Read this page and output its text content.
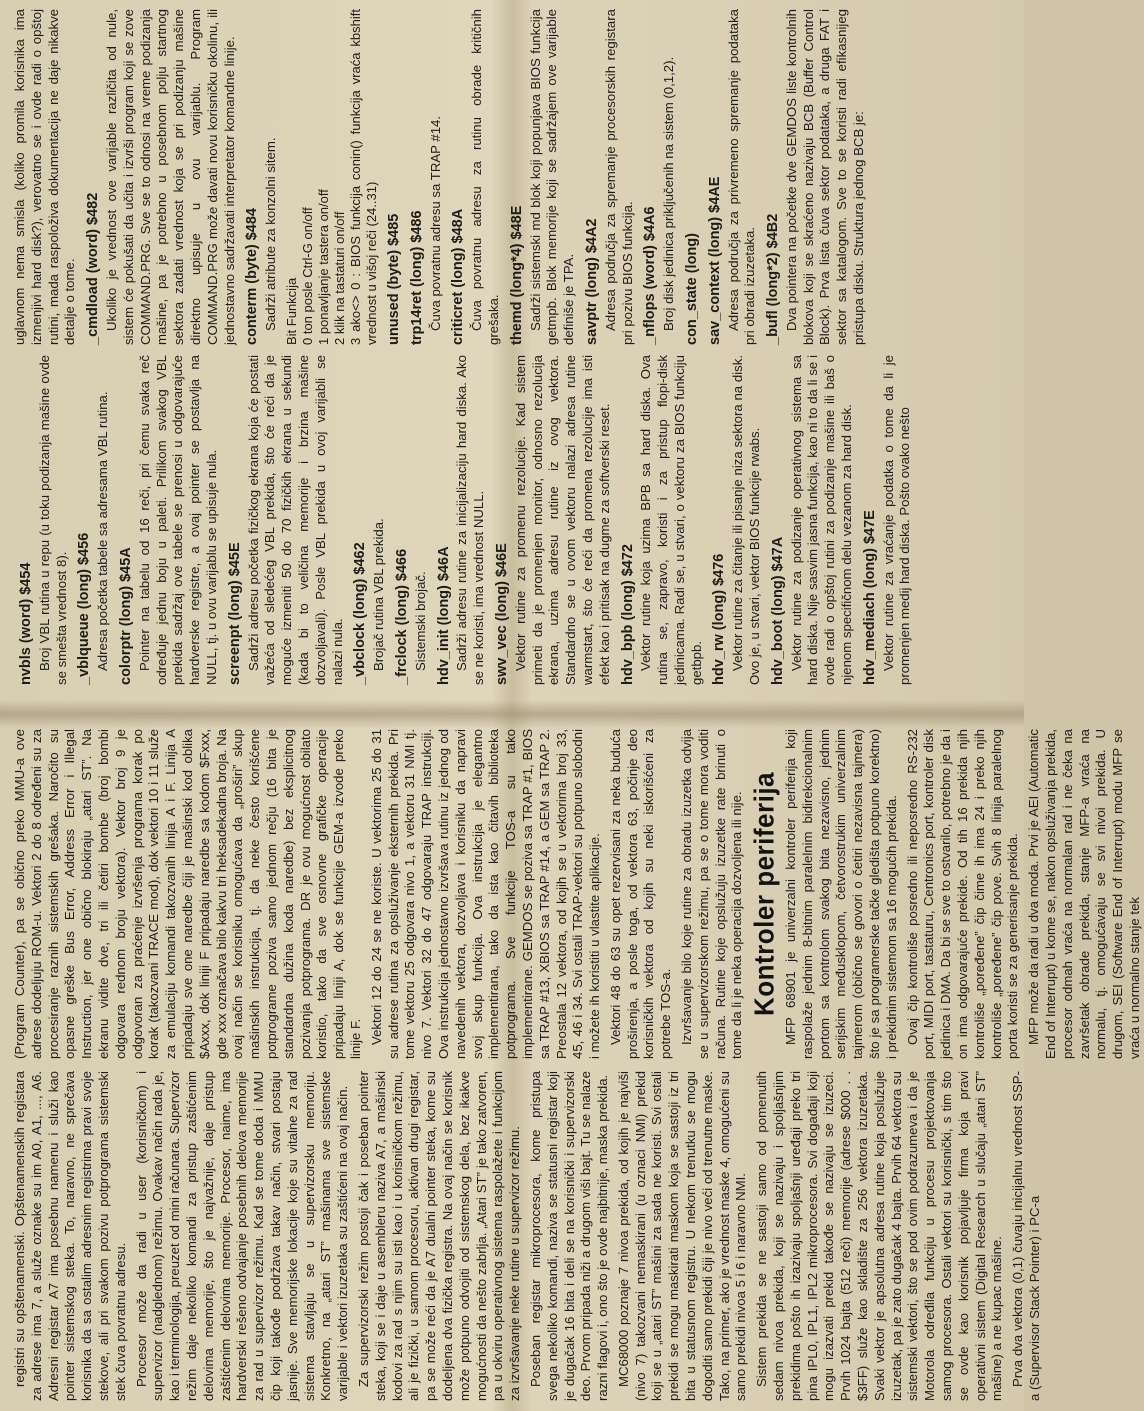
registri su opštenamenski. Opštenamenskih registara za adrese ima 7, a služe oznake su im A0, A1, ..., A6. Adresni registar A7 ima posebnu namenu i služi kao pointer sistemskog steka. To, naravno, ne sprečava korisnika da sa ostalim adresnim registrima pravi svoje stekove, ali pri svakom pozivu potprograma sistemski stek čuva povratnu adresu. Procesor može da radi u user (korisničkom) i supervizor (nadglednom) režimu. Ovakav način rada je, kao i terminologija, preuzet od mini računara. Supervizor režim daje nekoliko komandi za pristup zaštićenim delovima memorije, što je najvažnije, daje pristup zaštićenim delovima memorije. Procesor, naime, ima hardverski rešeno odvajanje posebnih delova memorije za rad u supervizor režimu. Kad se tome doda i MMU čip koji takođe podržava takav način, stvari postaju jasnije. Sve memorijske lokacije koje su vitalne za rad sistema stavljaju se u supervizorsku memoriju. Konkretno, na „atari ST” mašinama sve sistemske varijable i vektori izuzetaka su zaštićeni na ovaj način. Za supervizorski režim postoji čak i poseban pointer steka, koji se i daje u asembleru naziva A7, a mašinski kodovi za rad s njim su isti kao i u korisničkom režimu, ali je fizički, u samom procesoru, aktivan drugi registar, pa se može reći da je A7 dualni pointer steka, kome su dodeljena dva fizička registra. Na ovaj način se korisnik može potpuno odvojiti od sistemskog dela, bez ikakve mogućnosti da nešto zabrlja. „Atari ST” je tako zatvoren, pa u okviru operativnog sistema raspolažete i funkcijom za izvršavanje neke rutine u supervizor režimu. Poseban registar mikroprocesora, kome pristupa svega nekoliko komandi, naziva se statusni registar koji je dugačak 16 bita i deli se na korisnički i supervizorski deo. Prvom pripada niži a drugom viši bajt. Tu se nalaze razni flagovi i, ono što je ovde najbitnije, maska prekida. MC68000 poznaje 7 nivoa prekida, od kojih je najviši (nivo 7) takozvani nemaskirani (u oznaci NMI) prekid koji se u „atari ST” mašini za sada ne koristi. Svi ostali prekidi se mogu maskirati maskom koja se sastoji iz tri bita u statusnom registru. U nekom trenutku se mogu dogoditi samo prekidi čiji je nivo veći od trenutne maske. Tako, na primer, ako je vrednost maske 4, omogućeni su samo prekidi nivoa 5 i 6 i naravno NMI. Sistem prekida se ne sastoji samo od pomenutih sedam nivoa prekida, koji se nazivaju i spoljašnjim prekidima pošto ih izazivaju spoljašnji uređaji preko tri pina IPL0, IPL1, IPL2 mikroprocesora. Svi događaji koji mogu izazvati prekid takođe se nazivaju se izuzeci. Prvih 1024 bajta (512 reči) memorije (adrese $000 . . $3FF) služe kao skladište za 256 vektora izuzetaka. Svaki vektor je apsolutna adresa rutine koja poslužuje izuzetak, pa je zato dugačak 4 bajta. Prvih 64 vektora su sistemski vektori, što se pod ovim podrazumeva i da je Motorola određila funkciju u procesu projektovanja samog procesora. Ostali vektori su korisnički, s tim što se ovde kao korisnik pojavljuje firma koja pravi operativni sistem (Digital Research u slučaju „atari ST” mašine) a ne kupac mašine. Prva dva vektora (0,1) čuvaju inicijalnu vrednost SSP-a (Supervisor Stack Pointer) i PC-a

(Program Counter), pa se obično preko MMU-a ove adrese dodeljuju ROM-u. Vektori 2 do 8 određeni su za procesiranje raznih sistemskih grešaka. Naročito su opasne greške Bus Error, Address Error i Illegal Instruction, jer one obično blokiraju „atari ST”. Na ekranu vidite dve, tri ili četiri bombe (broj bombi odgovara rednom broju vektora). Vektor broj 9 je odgovoran za praćenje izvršenja programa korak po korak (takozvani TRACE mod), dok vektori 10 i 11 služe za emulaciju komandi takozvanih linija A i F. Linija A pripadaju sve one naredbe čiji je mašinski kod oblika $Axxx, dok liniji F pripadaju naredbe sa kodom $Fxxx, gde xxx označava bilo kakvu tri heksadekadna broja. Na ovaj način se korisniku omogućava da „proširi” skup mašinskih instrukcija, tj. da neke često korišćene potprograme poziva samo jednom rečju (16 bita je standardna dužina koda naredbe) bez eksplicitnog pozivanja potprograma. DR je ovu mogućnost obilato koristio, tako da sve osnovne grafičke operacije pripadaju liniji A, dok se funkcije GEM-a izvode preko linije F. Vektori 12 do 24 se ne koriste. U vektorima 25 do 31 su adrese rutina za opsluživanje eksternih prekida. Pri tome vektoru 25 odgovara nivo 1, a vektoru 31 NMI tj. nivo 7. Vektori 32 do 47 odgovaraju TRAP instrukciji. Ova instrukcija jednostavno izvršava rutinu iz jednog od navedenih vektora, dozvoljava i korisniku da napravi svoj skup funkcija. Ova instrukcija je elegantno implementirana, tako da ista kao čitavih biblioteka potprograma. Sve funkcije TOS-a su tako implementirane. GEMDOS se poziva sa TRAP #1, BIOS sa TRAP #13, XBIOS sa TRAP #14, a GEM sa TRAP 2. Preostala 12 vektora, od kojih se u vektorima broj 33, 45, 46 i 34. Svi ostali TRAP-vektori su potpuno slobodni i možete ih koristiti u vlastite aplikacije. Vektori 48 do 63 su opet rezervisani za neka buduća proširenja, a posle toga, od vektora 63, počinje deo korisničkih vektora od kojih su neki iskorišćeni za potrebe TOS-a. Izvršavanje bilo koje rutine za obradu izuzetka odvija se u supervizorskom režimu, pa se o tome mora voditi računa. Rutine koje opslužuju izuzetke rate brinuti o tome da li je neka operacija dozvoljena ili nije. Kontroler periferija MFP 68901 je univerzalni kontroler periferija koji raspolaže jednim 8-bitnim paralelnim bidirekcionalnim portom sa kontrolom svakog bita nezavisno, jednim serijskim međusklopom, četvorostrukim univerzalnim tajmerom (obično se govori o četiri nezavisna tajmera) što je sa programerske tačke gledišta potpuno korektno) i prekidnim sistemom sa 16 mogućih prekida. Ovaj čip kontroliše posredno ili neposredno RS-232 port, MIDI port, tastaturu, Centronics port, kontroler disk jedinica i DMA. Da bi se sve to ostvarilo, potrebno je da i on ima odgovarajuće prekide. Od tih 16 prekida njih kontroliše „poređene” čip čime ih ima 24 i preko njih kontroliše „poređene” čip pove. Svih 8 linija paralelnog porta koristi se za generisanje prekida. MFP može da radi u dva moda. Prvi je AEI (Automatic End of Interrupt) u kome se, nakon opsluživanja prekida, procesor odmah vraća na normalan rad i ne čeka na završetak obrade prekida, stanje MFP-a vraća na normalu, tj. omogućavaju se svi nivoi prekida. U drugom, SEI (Software End of Interrupt) modu MFP se vraća u normalno stanje tek

nvbls (word) $454 Broj VBL rutina u repu (u toku podizanja mašine ovde se smešta vrednost 8). _vblqueue (long) $456 Adresa početka tabele sa adresama VBL rutina. colorptr (long) $45A Pointer na tabelu od 16 reči, pri čemu svaka reč određuje jednu boju u paleti. Prilikom svakog VBL prekida sadržaj ove tabele se prenosi u odgovarajuće hardverske registre, a ovaj pointer se postavlja na NULL, tj. u ovu varijablu se upisuje nula. screenpt (long) $45E Sadrži adresu početka fizičkog ekrana koja će postati važeća od sledećeg VBL prekida, što će reći da je moguće izmeniti 50 do 70 fizičkih ekrana u sekundi (kada bi to veličina memorije i brzina mašine dozvoljavali). Posle VBL prekida u ovoj varijabli se nalazi nula. _vbclock (long) $462 Brojač rutina VBL prekida. _frclock (long) $466 Sistemski brojač. hdv_init (long) $46A Sadrži adresu rutine za inicijalizaciju hard diska. Ako se ne koristi, ima vrednost NULL. swv_vec (long) $46E Vektor rutine za promenu rezolucije. Kad sistem primeti da je promenjen monitor, odnosno rezolucija ekrana, uzima adresu rutine iz ovog vektora. Standardno se u ovom vektoru nalazi adresa rutine warmstart, što će reći da promena rezolucije ima isti efekt kao i pritisak na dugme za softverski reset. hdv_bpb (long) $472 Vektor rutine koja uzima BPB sa hard diska. Ova rutina se, zapravo, koristi i za pristup flopi-disk jedinicama. Radi se, u stvari, o vektoru za BIOS funkciju getbpb. hdv_rw (long) $476 Vektor rutine za čitanje ili pisanje niza sektora na disk. Ovo je, u stvari, vektor BIOS funkcije rwabs. hdv_boot (long) $47A Vektor rutine za podizanje operativnog sistema sa hard diska. Nije sasvim jasna funkcija, kao ni to da li se i ovde radi o opštoj rutini za podizanje mašine ili baš o njenom specifičnom delu vezanom za hard disk. hdv_mediach (long) $47E Vektor rutine za vraćanje podatka o tome da li je promenjen medij hard diska. Pošto ovako nešto

uglavnom nema smisla (koliko promila korisnika ima izmenjivi hard disk?), verovatno se i ovde radi o opštoj rutini, mada raspoloživa dokumentacija ne daje nikakve detalje o tome. _cmdload (word) $482 Ukoliko je vrednost ove varijable različita od nule, sistem će pokušati da učita i izvrši program koji se zove COMMAND.PRG. Sve se to odnosi na vreme podizanja mašine, pa je potrebno u posebnom polju startnog sektora zadati vrednost koja se pri podizanju mašine direktno upisuje u ovu varijablu. Program COMMAND.PRG može davati novu korisničku okolinu, ili jednostavno sadržavati interpretator komandne linije. conterm (byte) $484 Sadrži atribute za konzolni sitem. Bit Funkcija 0 ton posle Ctrl-G on/off 1 ponavljanje tastera on/off 2 klik na tastaturi on/off 3 ako<> 0 : BIOS funkcija conin() funkcija vraća kbshift vrednost u višoj reči (24..31) unused (byte) $485 trp14ret (long) $486 Čuva povratnu adresu sa TRAP #14. criticret (long) $48A Čuva povratnu adresu za rutinu obrade kritičnih grešaka. themd (long*4) $48E Sadrži sistemski md blok koji popunjava BIOS funkcija getmpb. Blok memorije koji se sadržajem ove varijable definiše je TPA. savptr (long) $4A2 Adresa područja za spremanje procesorskih registara pri pozivu BIOS funkcija. _nflops (word) $4A6 Broj disk jedinica priključenih na sistem (0,1,2). con_state (long) sav_context (long) $4AE Adresa područja za privremeno spremanje podataka pri obradi izuzetaka. _bufl (long*2) $4B2 Dva pointera na početke dve GEMDOS liste kontrolnih blokova koji se skraćeno nazivaju BCB (Buffer Control Block). Prva lista čuva sektor podataka, a druga FAT i sektor sa katalogom. Sve to se koristi radi efikasnijeg pristupa disku. Struktura jednog BCB je:
